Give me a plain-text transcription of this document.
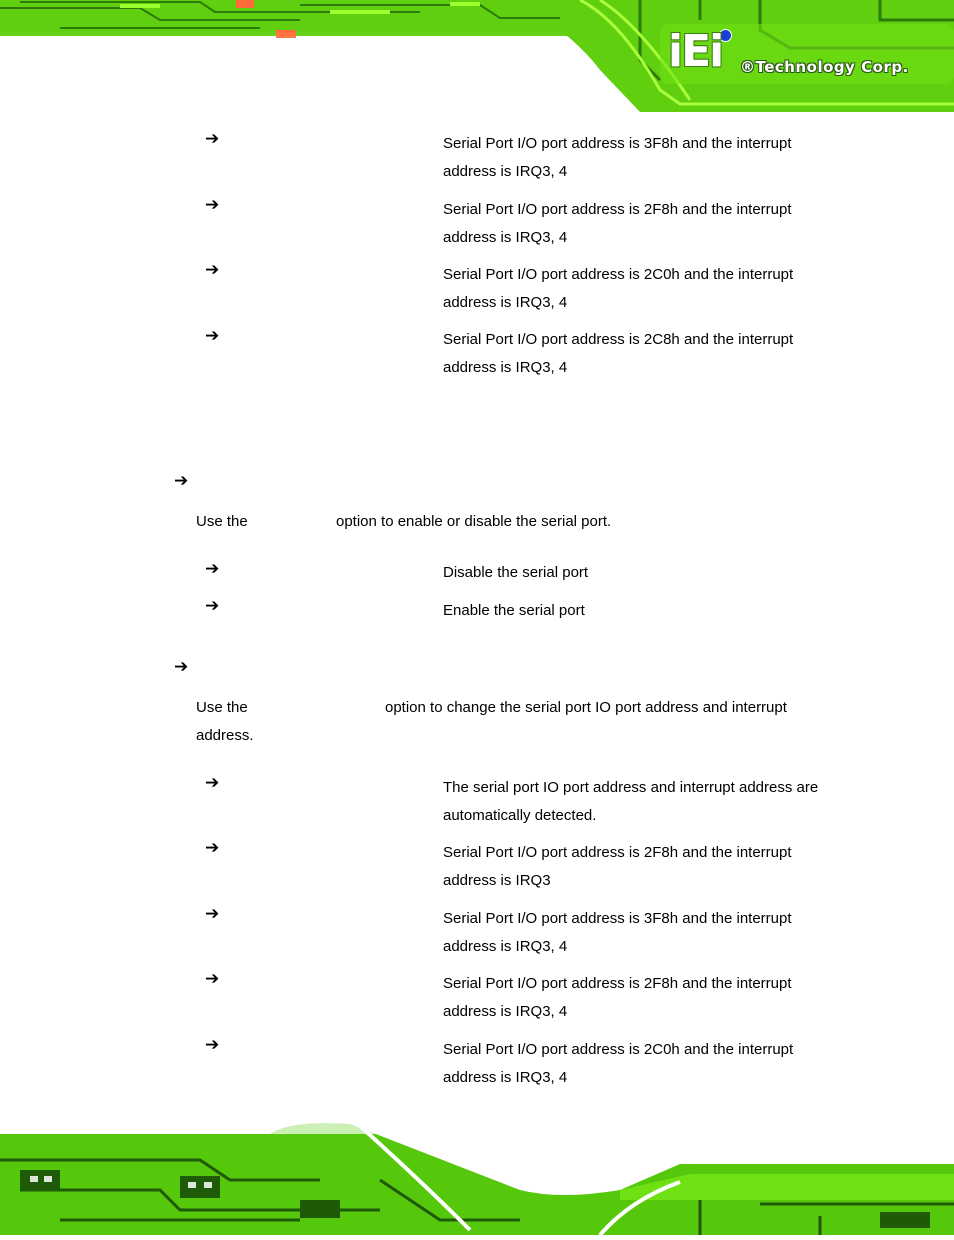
iEi ®Technology Corp.
➔	Serial Port I/O port address is 3F8h and the interrupt address is IRQ3, 4
➔	Serial Port I/O port address is 2F8h and the interrupt address is IRQ3, 4
➔	Serial Port I/O port address is 2C0h and the interrupt address is IRQ3, 4
➔	Serial Port I/O port address is 2C8h and the interrupt address is IRQ3, 4
➔
Use the	option to enable or disable the serial port.
➔	Disable the serial port
➔	Enable the serial port
➔
Use the	option to change the serial port IO port address and interrupt
address.
➔	The serial port IO port address and interrupt address are automatically detected.
➔	Serial Port I/O port address is 2F8h and the interrupt address is IRQ3
➔	Serial Port I/O port address is 3F8h and the interrupt address is IRQ3, 4
➔	Serial Port I/O port address is 2F8h and the interrupt address is IRQ3, 4
➔	Serial Port I/O port address is 2C0h and the interrupt address is IRQ3, 4
